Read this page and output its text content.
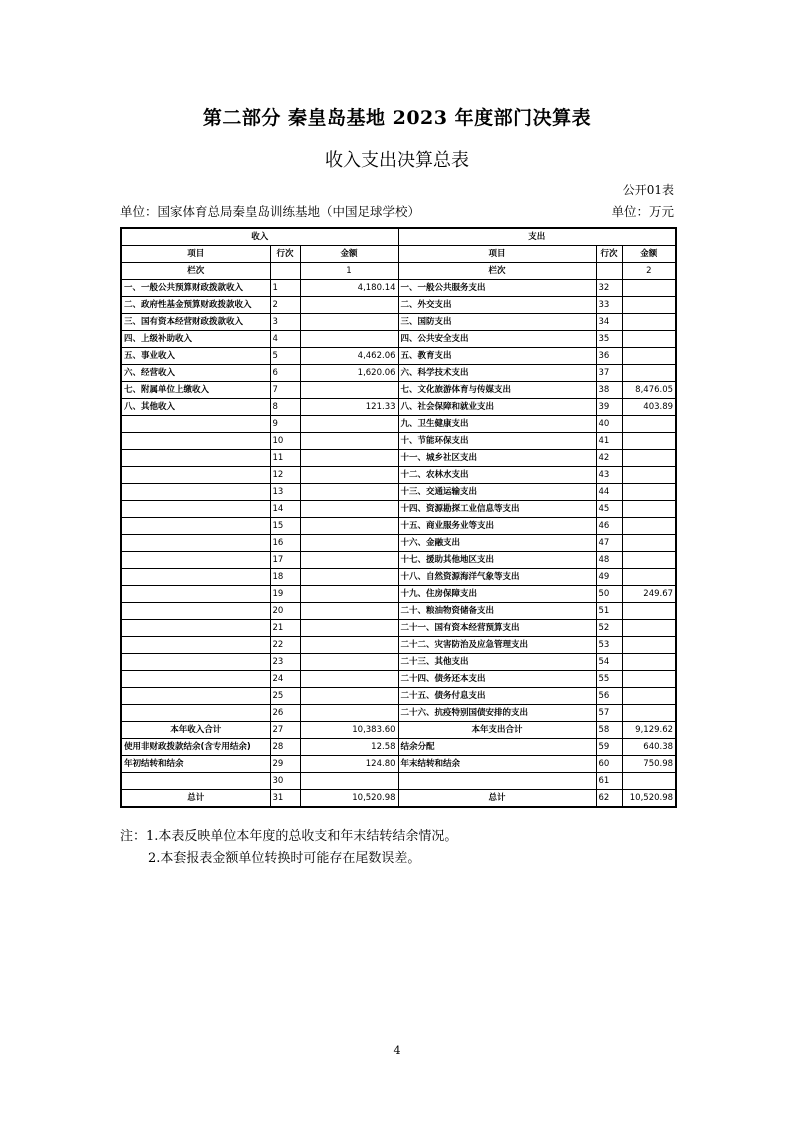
第二部分 秦皇岛基地 2023 年度部门决算表
收入支出决算总表
公开01表
单位：国家体育总局秦皇岛训练基地（中国足球学校）	单位：万元
收入			支出		
项目	行次	金额	项目	行次	金额
栏次		1	栏次		2
一、一般公共预算财政拨款收入	1	4,180.14	一、一般公共服务支出	32	
二、政府性基金预算财政拨款收入	2		二、外交支出	33	
三、国有资本经营财政拨款收入	3		三、国防支出	34	
四、上级补助收入	4		四、公共安全支出	35	
五、事业收入	5	4,462.06	五、教育支出	36	
六、经营收入	6	1,620.06	六、科学技术支出	37	
七、附属单位上缴收入	7		七、文化旅游体育与传媒支出	38	8,476.05
八、其他收入	8	121.33	八、社会保障和就业支出	39	403.89
	9		九、卫生健康支出	40	
	10		十、节能环保支出	41	
	11		十一、城乡社区支出	42	
	12		十二、农林水支出	43	
	13		十三、交通运输支出	44	
	14		十四、资源勘探工业信息等支出	45	
	15		十五、商业服务业等支出	46	
	16		十六、金融支出	47	
	17		十七、援助其他地区支出	48	
	18		十八、自然资源海洋气象等支出	49	
	19		十九、住房保障支出	50	249.67
	20		二十、粮油物资储备支出	51	
	21		二十一、国有资本经营预算支出	52	
	22		二十二、灾害防治及应急管理支出	53	
	23		二十三、其他支出	54	
	24		二十四、债务还本支出	55	
	25		二十五、债务付息支出	56	
	26		二十六、抗疫特别国债安排的支出	57	
本年收入合计	27	10,383.60	本年支出合计	58	9,129.62
使用非财政拨款结余(含专用结余)	28	12.58	结余分配	59	640.38
年初结转和结余	29	124.80	年末结转和结余	60	750.98
	30			61	
总计	31	10,520.98	总计	62	10,520.98
注：1.本表反映单位本年度的总收支和年末结转结余情况。
2.本套报表金额单位转换时可能存在尾数误差。
4
